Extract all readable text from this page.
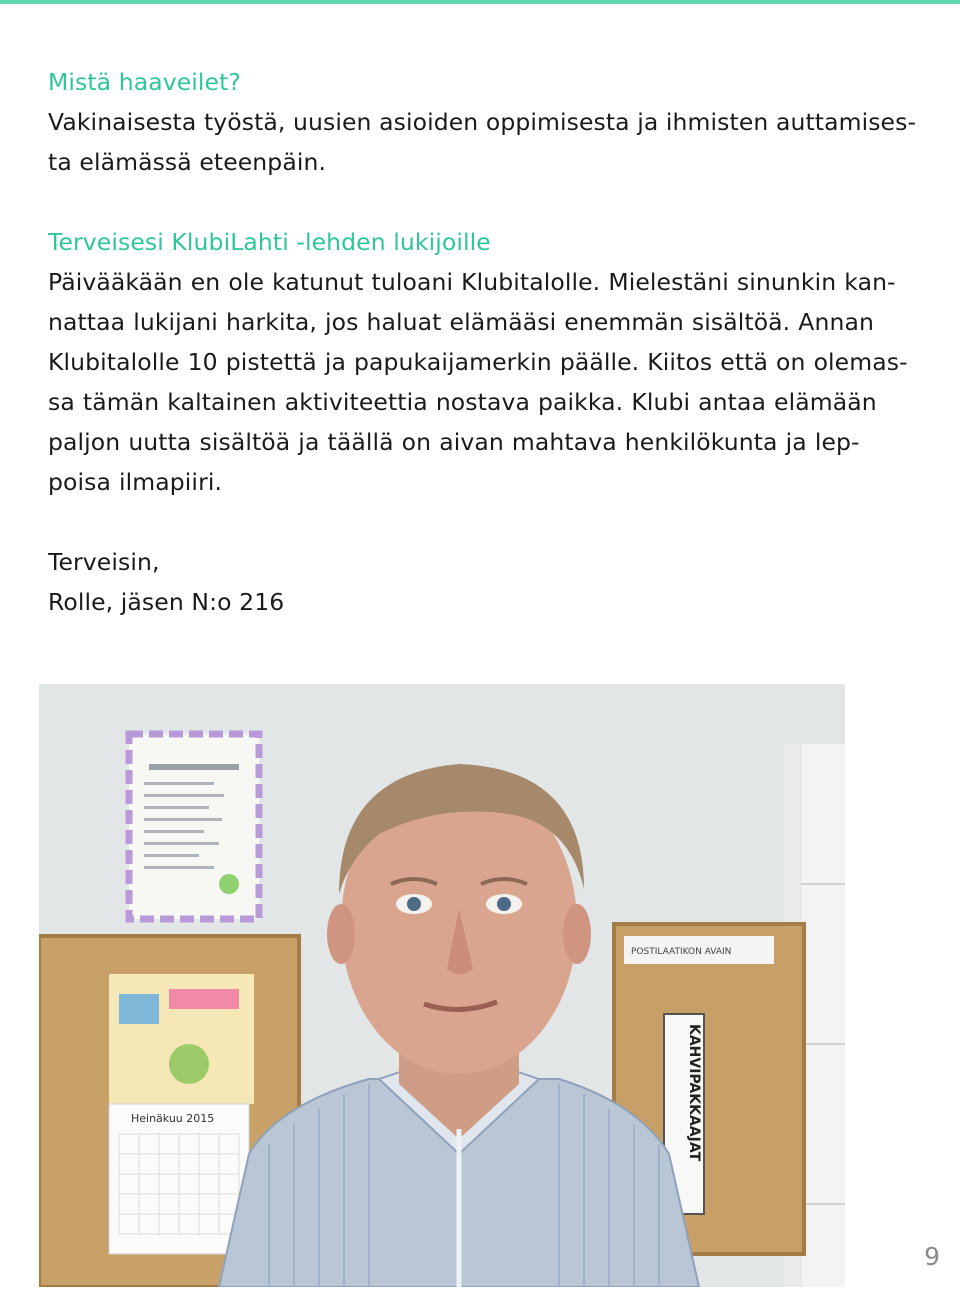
Mistä haaveilet?

Vakinaisesta työstä, uusien asioiden oppimisesta ja ihmisten auttamises-

ta elämässä eteenpäin.

Terveisesi KlubiLahti -lehden lukijoille

Päivääkään en ole katunut tuloani Klubitalolle. Mielestäni sinunkin kan-

nattaa lukijani harkita, jos haluat elämääsi enemmän sisältöä. Annan

Klubitalolle 10 pistettä ja papukaijamerkin päälle. Kiitos että on olemas-

sa tämän kaltainen aktiviteettia nostava paikka. Klubi antaa elämään

paljon uutta sisältöä ja täällä on aivan mahtava henkilökunta ja lep-

poisa ilmapiiri.

Terveisin,

Rolle, jäsen N:o 216

POSTILAATIKON AVAIN
Heinäkuu 2015	KAHVIPAKKAAJAT
9
